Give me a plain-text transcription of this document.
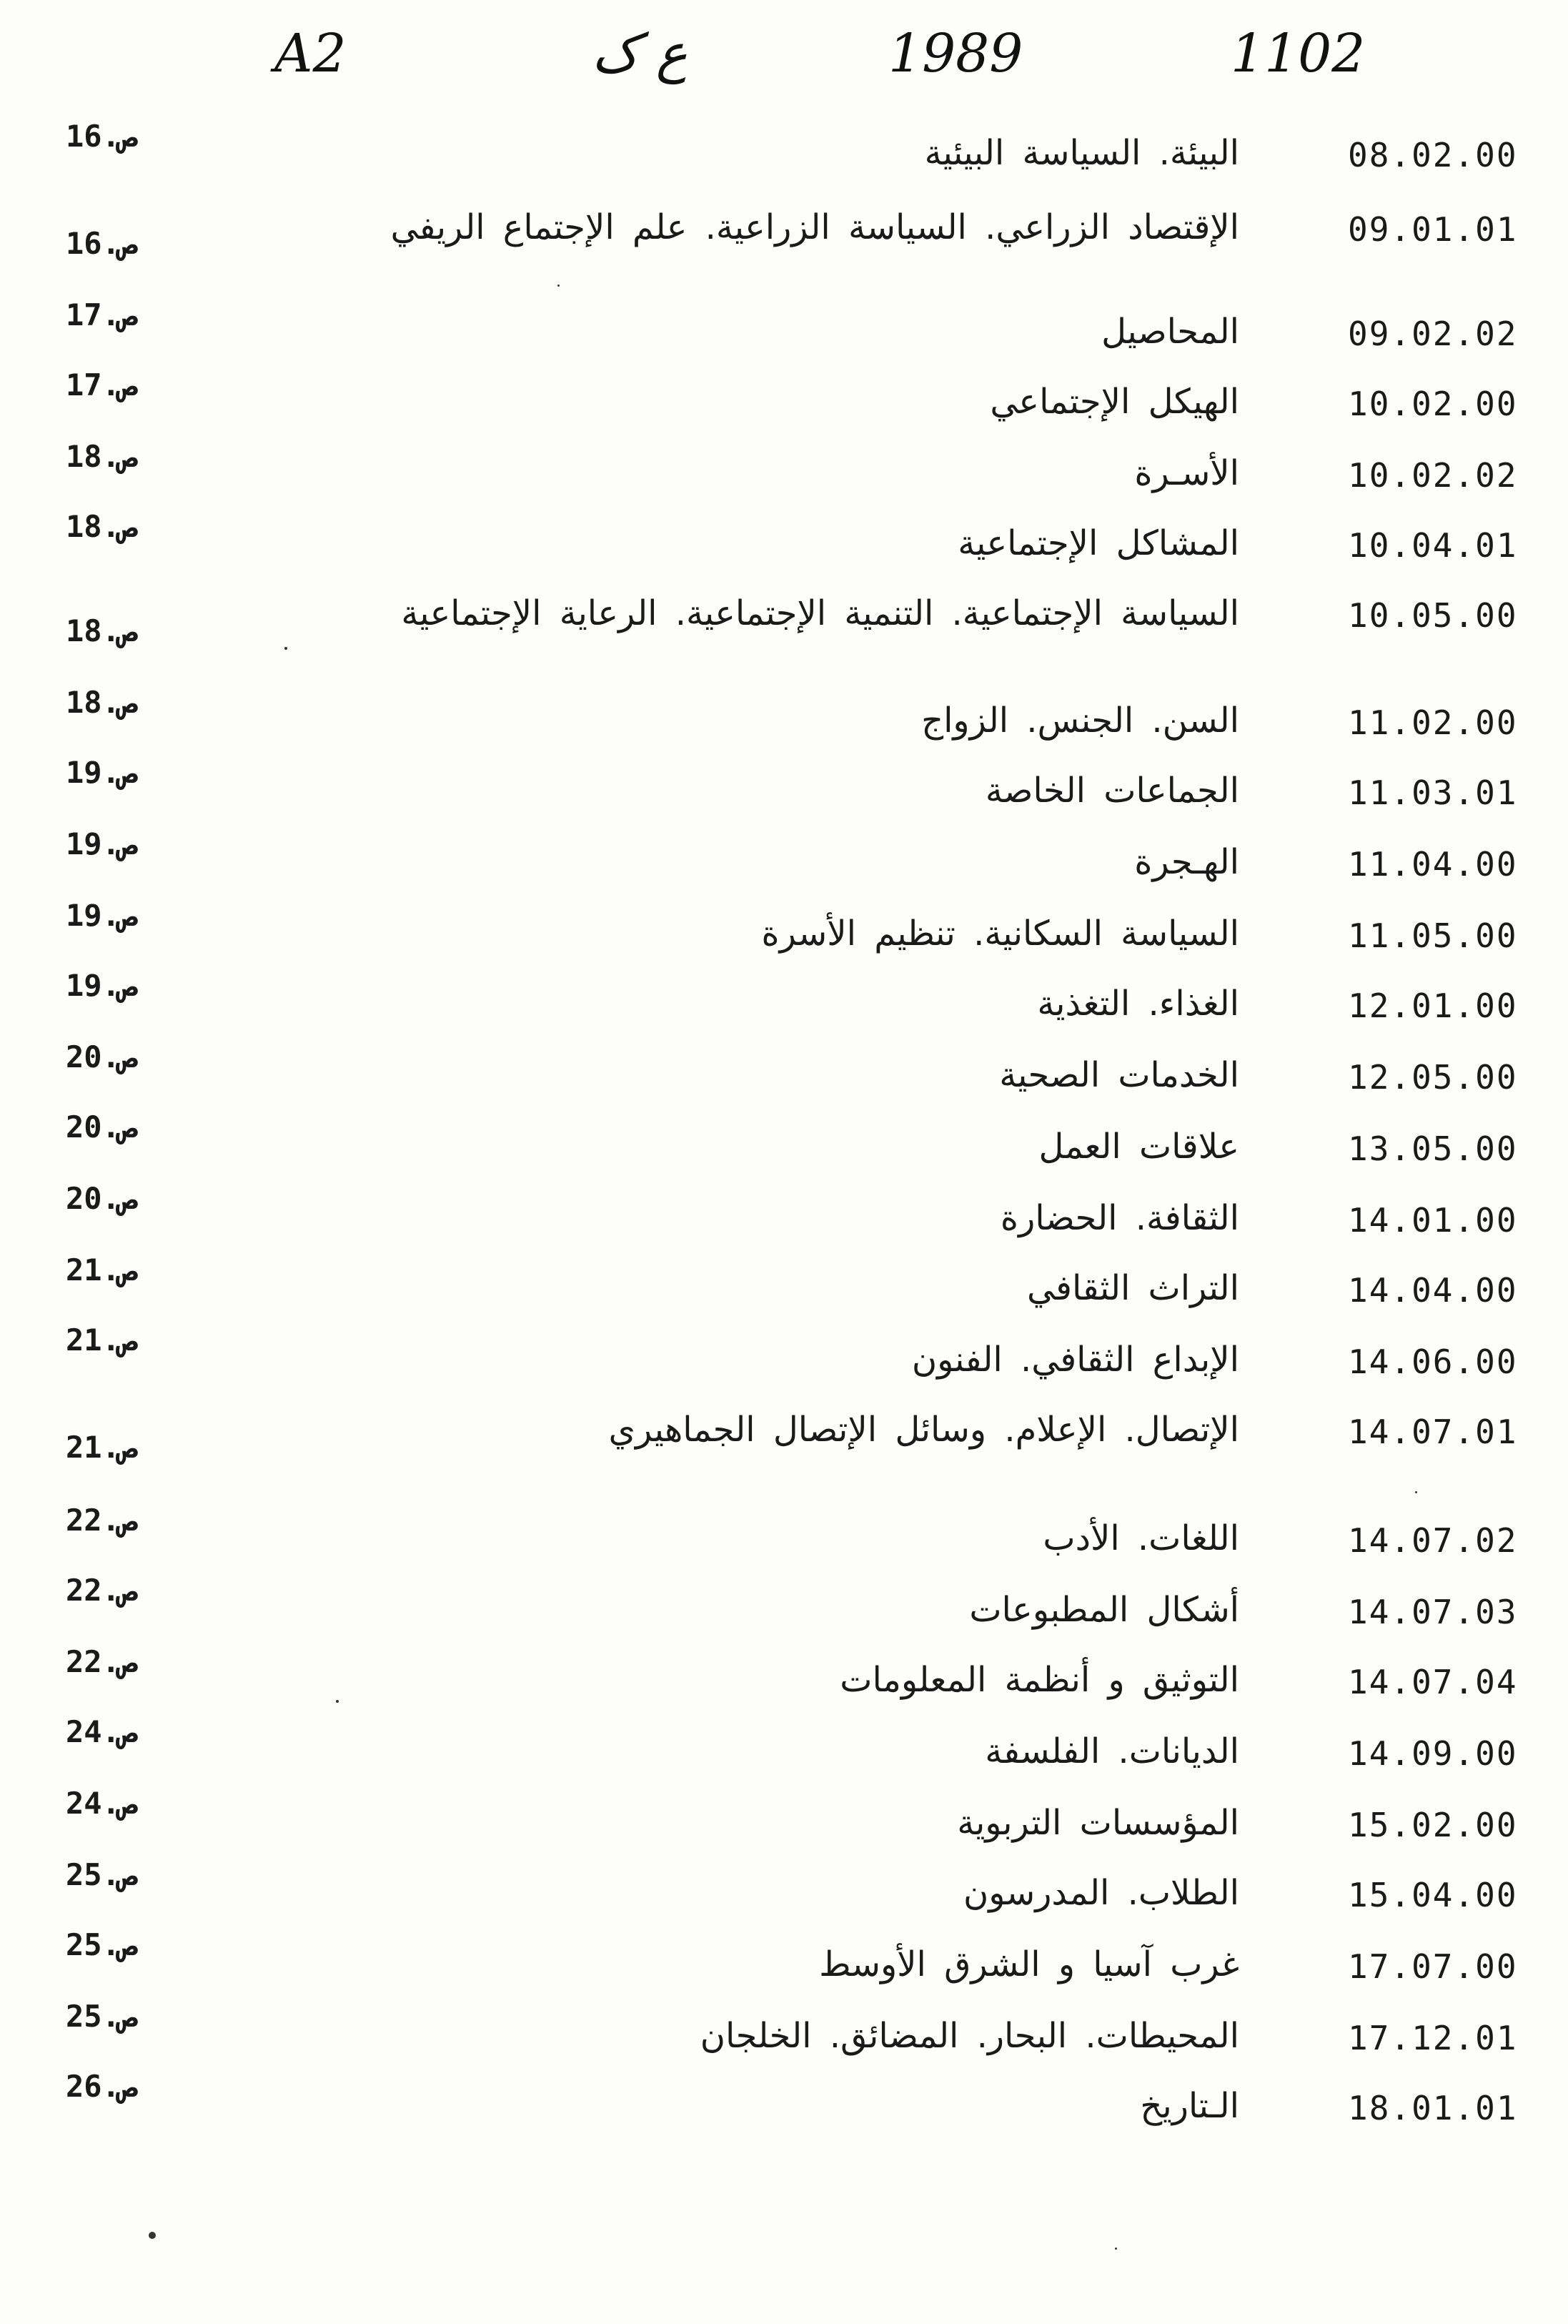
A2	ع ک	1989	1102
08.02.00
البيئة. السياسة البيئية
ص.16
09.01.01
الإقتصاد الزراعي. السياسة الزراعية. علم الإجتماع الريفي
ص.16
09.02.02
المحاصيل
ص.17
10.02.00
الهيكل الإجتماعي
ص.17
10.02.02
الأسـرة
ص.18
10.04.01
المشاكل الإجتماعية
ص.18
10.05.00
السياسة الإجتماعية. التنمية الإجتماعية. الرعاية الإجتماعية
ص.18
11.02.00
السن. الجنس. الزواج
ص.18
11.03.01
الجماعات الخاصة
ص.19
11.04.00
الهـجرة
ص.19
11.05.00
السياسة السكانية. تنظيم الأسرة
ص.19
12.01.00
الغذاء. التغذية
ص.19
12.05.00
الخدمات الصحية
ص.20
13.05.00
علاقات العمل
ص.20
14.01.00
الثقافة. الحضارة
ص.20
14.04.00
التراث الثقافي
ص.21
14.06.00
الإبداع الثقافي. الفنون
ص.21
14.07.01
الإتصال. الإعلام. وسائل الإتصال الجماهيري
ص.21
14.07.02
اللغات. الأدب
ص.22
14.07.03
أشكال المطبوعات
ص.22
14.07.04
التوثيق و أنظمة المعلومات
ص.22
14.09.00
الديانات. الفلسفة
ص.24
15.02.00
المؤسسات التربوية
ص.24
15.04.00
الطلاب. المدرسون
ص.25
17.07.00
غرب آسيا و الشرق الأوسط
ص.25
17.12.01
المحيطات. البحار. المضائق. الخلجان
ص.25
18.01.01
الـتاريخ
ص.26
